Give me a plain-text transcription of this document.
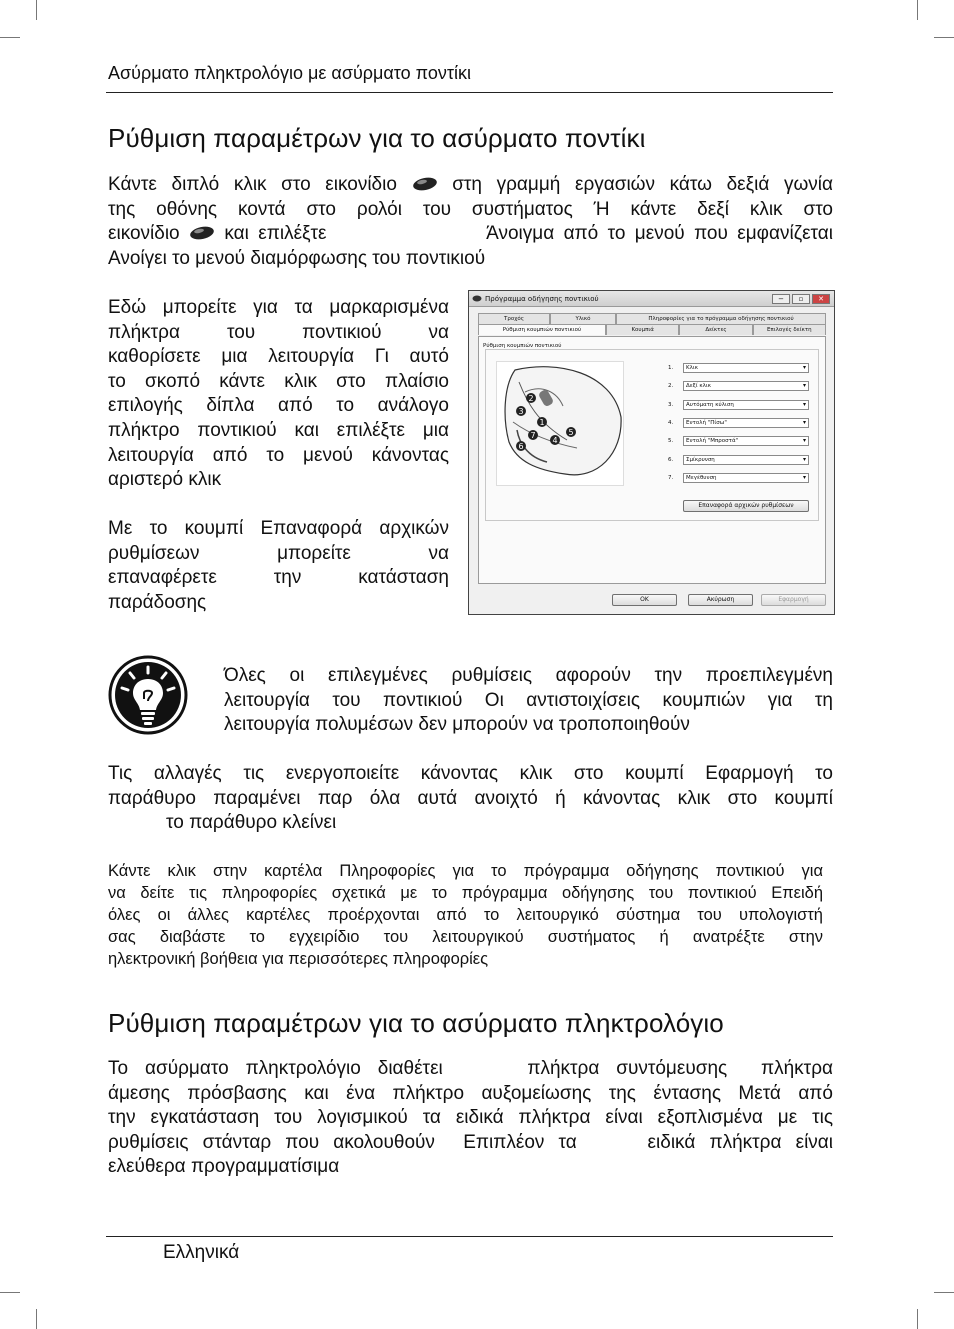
Ασύρματο πληκτρολόγιο με ασύρματο ποντίκι
Ρύθμιση παραμέτρων για το ασύρματο ποντίκι
Κάντε διπλό κλικ στο εικονίδιο	στη γραμμή εργασιών κάτω δεξιά γωνία
της οθόνης κοντά στο ρολόι του συστήματος Ή κάντε δεξί κλικ στο
εικονίδιο και επιλέξτε	Άνοιγμα από το μενού που εμφανίζεται
Ανοίγει το μενού διαμόρφωσης του ποντικιού
Εδώ μπορείτε για τα μαρκαρισμένα
πλήκτρα του ποντικιού να
καθορίσετε μια λειτουργία Γι αυτό
το σκοπό κάντε κλικ στο πλαίσιο
επιλογής δίπλα από το ανάλογο
πλήκτρο ποντικιού και επιλέξτε μια
λειτουργία από το μενού κάνοντας
αριστερό κλικ
Με το κουμπί Επαναφορά αρχικών
ρυθμίσεων μπορείτε να
επαναφέρετε την κατάσταση
παράδοσης
Πρόγραμμα οδήγησης ποντικιού	−	▫	✕
Τροχός	Υλικό	Πληροφορίες για το πρόγραμμα οδήγησης ποντικιού
Ρύθμιση κουμπιών ποντικιού	Κουμπιά	Δείκτες	Επιλογές δείκτη
Ρύθμιση κουμπιών ποντικιού
2
3
1
7
6
4
5
1.	Κλικ ▾
2.	Δεξί κλικ ▾
3.	Αυτόματη κύλιση ▾
4.	Εντολή "Πίσω" ▾
5.	Εντολή "Μπροστά" ▾
6.	Σμίκρυνση ▾
7.	Μεγέθυνση ▾
Επαναφορά αρχικών ρυθμίσεων
OK	Ακύρωση	Εφαρμογή
Όλες οι επιλεγμένες ρυθμίσεις αφορούν την προεπιλεγμένη
λειτουργία του ποντικιού Οι αντιστοιχίσεις κουμπιών για τη
λειτουργία πολυμέσων δεν μπορούν να τροποποιηθούν
Τις αλλαγές τις ενεργοποιείτε κάνοντας κλικ στο κουμπί Εφαρμογή το
παράθυρο παραμένει παρ όλα αυτά ανοιχτό ή κάνοντας κλικ στο κουμπί
το παράθυρο κλείνει
Κάντε κλικ στην καρτέλα Πληροφορίες για το πρόγραμμα οδήγησης ποντικιού για
να δείτε τις πληροφορίες σχετικά με το πρόγραμμα οδήγησης του ποντικιού Επειδή
όλες οι άλλες καρτέλες προέρχονται από το λειτουργικό σύστημα του υπολογιστή
σας διαβάστε το εγχειρίδιο του λειτουργικού συστήματος ή ανατρέξτε στην
ηλεκτρονική βοήθεια για περισσότερες πληροφορίες
Ρύθμιση παραμέτρων για το ασύρματο πληκτρολόγιο
Το ασύρματο πληκτρολόγιο διαθέτει     πλήκτρα συντόμευσης  πλήκτρα
άμεσης πρόσβασης και ένα πλήκτρο αυξομείωσης της έντασης Μετά από
την εγκατάσταση του λογισμικού τα ειδικά πλήκτρα είναι εξοπλισμένα με τις
ρυθμίσεις στάνταρ που ακολουθούν  Επιπλέον τα     ειδικά πλήκτρα είναι
ελεύθερα προγραμματίσιμα
Ελληνικά
